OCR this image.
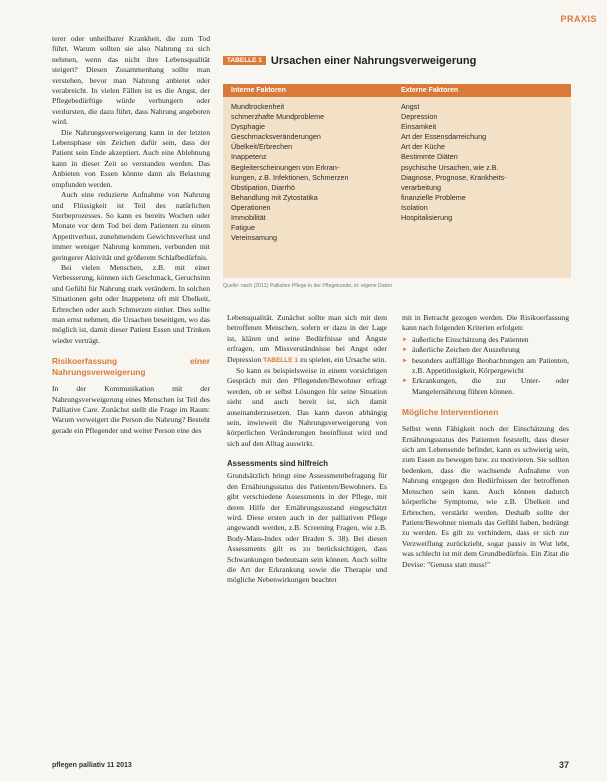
PRAXIS

terer oder unheilbarer Krankheit, die zum Tod führt. Warum sollten sie also Nahrung zu sich nehmen, wenn das nicht ihre Lebensqualität steigert? Diesen Zusammenhang sollte man verstehen, bevor man Nahrung anbietet oder verabreicht. In vielen Fällen ist es die Angst, der Pflegebedürftige würde verhungern oder verdursten, die dazu führt, dass Nahrung angeboten wird.

Die Nahrungsverweigerung kann in der letzten Lebensphase ein Zeichen dafür sein, dass der Patient sein Ende akzeptiert. Auch eine Ablehnung kann in dieser Zeit so verstanden werden. Das Anbieten von Essen könnte dann als Belastung empfunden werden.

Auch eine reduzierte Aufnahme von Nahrung und Flüssigkeit ist Teil des natürlichen Sterbeprozesses. So kann es bereits Wochen oder Monate vor dem Tod bei dem Patienten zu einem Appetitverlust, zunehmendem Gewichtsverlust und immer weniger Nahrung kommen, verbunden mit geringerer Aktivität und größerem Schlafbedürfnis.

Bei vielen Menschen, z.B. mit einer Verbesserung, können sich Geschmack, Geruchsinn und Gefühl für Nahrung stark verändern. In solchen Situationen geht oder Inappetenz oft mit Übelkeit, Erbrechen oder auch Schmerzen einher. Dies sollte man ernst nehmen, die Ursachen beseitigen, wo das möglich ist, damit dieser Patient Essen und Trinken wieder verträgt.

Risikoerfassung einer Nahrungsverweigerung

In der Kommunikation mit der Nahrungsverweigerung eines Menschen ist Teil des Palliative Care. Zunächst stellt die Frage im Raum: Warum verweigert die Person die Nahrung? Besteht gerade ein Pflegender und weiter Person eine des

TABELLE 1 Ursachen einer Nahrungsverweigerung
Interne Faktoren	Externe Faktoren
Mundtrockenheit
schmerzhafte Mundprobleme
Dysphagie
Geschmacksveränderungen
Übelkeit/Erbrechen
Inappetenz
Begleiterscheinungen von Erkran-
kungen, z.B. Infektionen, Schmerzen
Obstipation, Diarrhö
Behandlung mit Zytostatika
Operationen
Immobilität
Fatigue
Vereinsamung
Angst
Depression
Einsamkeit
Art der Essensdarreichung
Art der Küche
Bestimmte Diäten
psychische Ursachen, wie z.B.
Diagnose, Prognose, Krankheits-
verarbeitung
finanzielle Probleme
Isolation
Hospitalisierung
Quelle: nach (2011) Palliative Pflege in der Pflegekunde, in: eigene Daten

Lebensqualität. Zunächst sollte man sich mit dem betroffenen Menschen, sofern er dazu in der Lage ist, klären und seine Bedürfnisse und Ängste erfragen, um Missverständnisse bei Angst oder Depression TABELLE 1 zu spielen, ein Ursache sein.

So kann es beispielsweise in einem vorsichtigen Gespräch mit den Pflegenden/Bewohner erfragt werden, ob er selbst Lösungen für seine Situation sieht und auch bereit ist, sich damit auseinanderzusetzen. Das kann davon abhängig sein, inwieweit die Nahrungsverweigerung von körperlichen Veränderungen beeinflusst wird und sich auf den Alltag auswirkt.

Assessments sind hilfreich

Grundsätzlich bringt eine Assessmentbefragung für den Ernährungsstatus des Patienten/Bewohners. Es gibt verschiedene Assessments in der Pflege, mit deren Hilfe der Ernährungszustand eingeschätzt wird. Diese ersten auch in der palliativen Pflege angewandt werden, z.B. Screening Fragen, wie z.B. Body-Mass-Index oder Braden S. 38). Bei diesen Assessments gilt es zu berücksichtigen, dass Schwankungen bedeutsam sein können. Auch sollte die Art der Erkrankung sowie die Therapie und mögliche Nebenwirkungen beachtet

mit in Betracht gezogen werden. Die Risikoerfassung kann nach folgenden Kriterien erfolgen:

► äußerliche Einschätzung des Patienten
► äußerliche Zeichen der Auszehrung
► besonders auffällige Beobachtungen am Patienten, z.B. Appetitlosigkeit, Körpergewicht
► Erkrankungen, die zur Unter- oder Mangelernährung führen können.
Mögliche Interventionen

Selbst wenn Fähigkeit noch der Einschätzung des Ernährungsstatus des Patienten feststellt, dass dieser sich am Lebensende befindet, kann es schwierig sein, zum Essen zu bewegen bzw. zu motivieren. Sie sollten bedenken, dass die wachsende Aufnahme von Nahrung entgegen den Bedürfnissen der betroffenen Menschen sein kann. Auch können dadurch körperliche Symptome, wie z.B. Übelkeit und Erbrechen, verstärkt werden. Deshalb sollte der Patient/Bewohner niemals das Gefühl haben, bedrängt zu werden. Es gilt zu verhindern, dass er sich zur Verzweiflung zurückzieht, sogar passiv in Wut lebt, was schlecht ist mit dem Grundbedürfnis. Ein Zitat die Devise: "Genuss statt muss!"

pflegen palliativ 11 2013	37
